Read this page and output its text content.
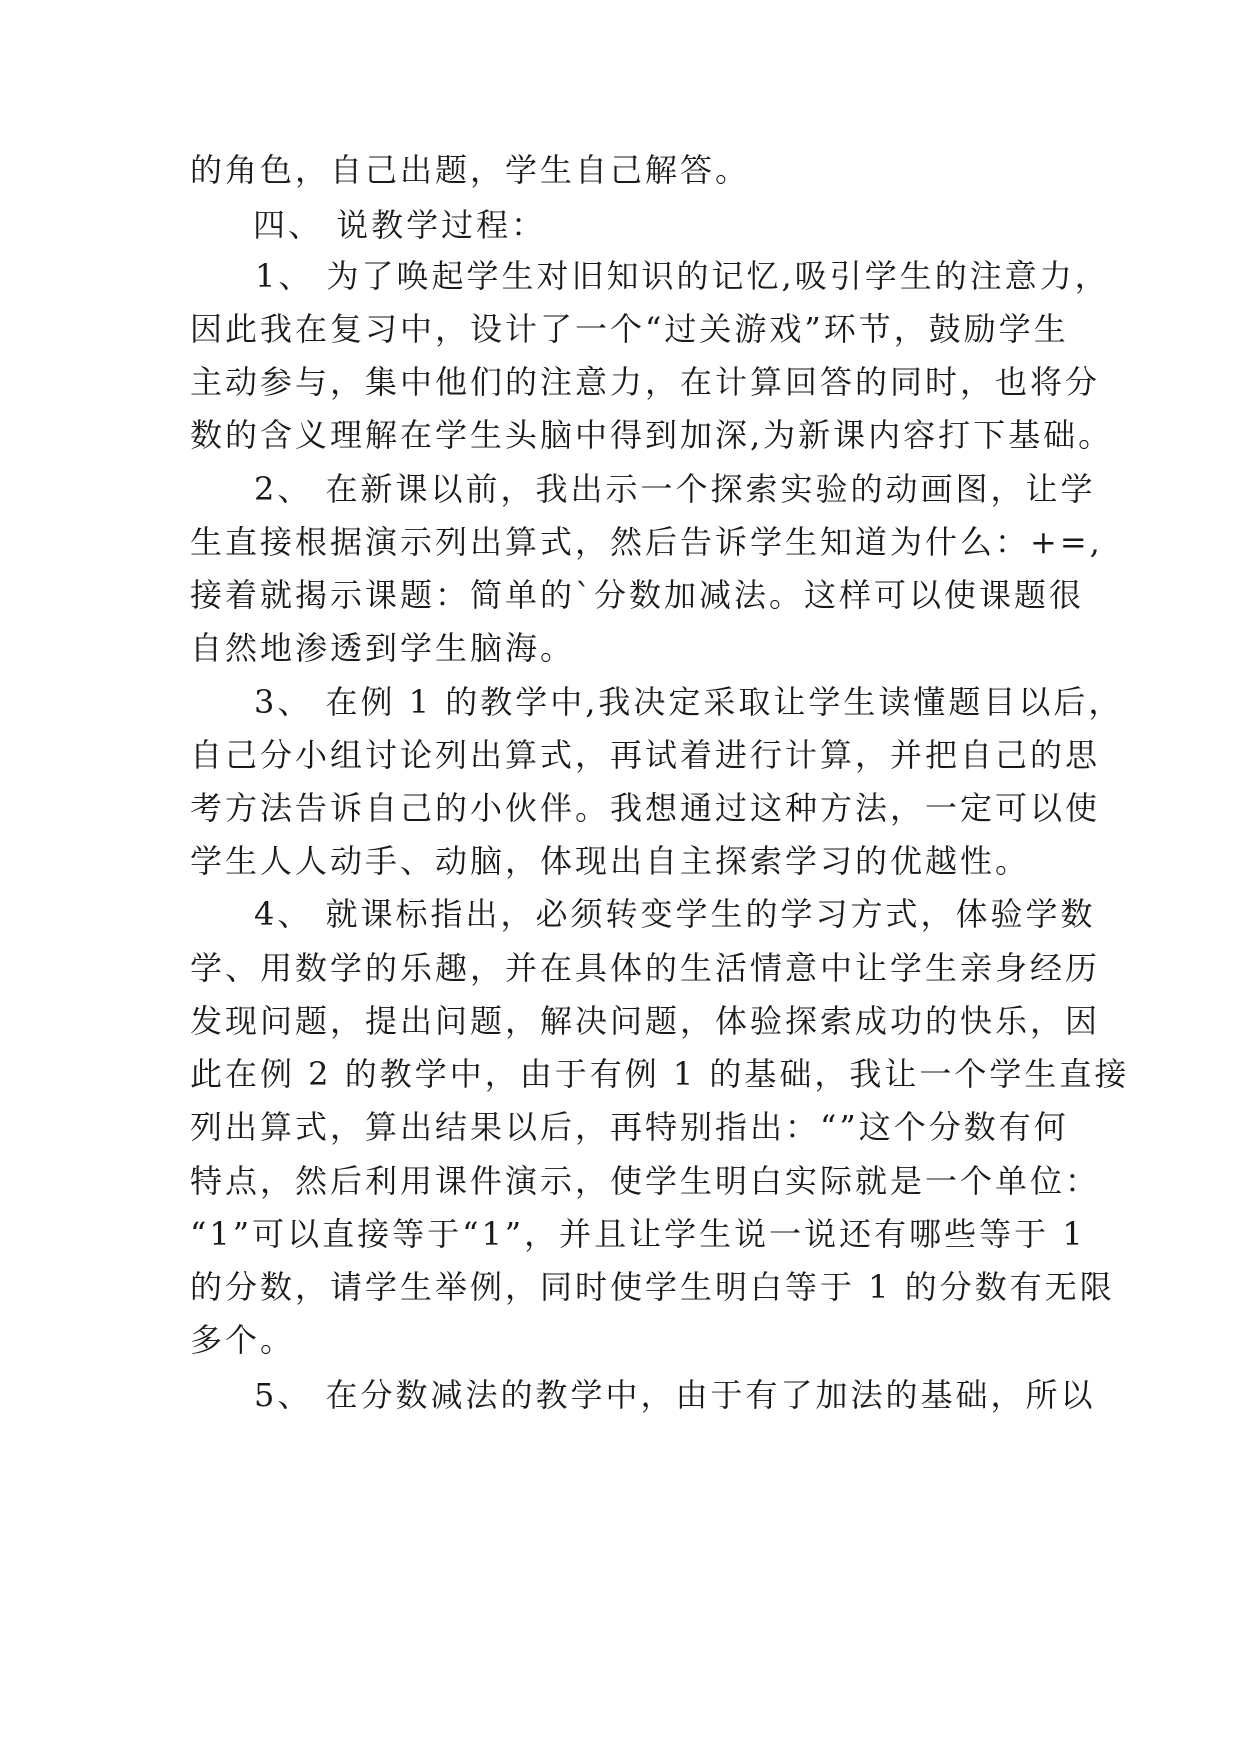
的角色，自己出题，学生自己解答。
四、 说教学过程：
1、 为了唤起学生对旧知识的记忆,吸引学生的注意力，
因此我在复习中，设计了一个“过关游戏”环节，鼓励学生
主动参与，集中他们的注意力，在计算回答的同时，也将分
数的含义理解在学生头脑中得到加深,为新课内容打下基础。
2、 在新课以前，我出示一个探索实验的动画图，让学
生直接根据演示列出算式，然后告诉学生知道为什么：+=,
接着就揭示课题：简单的`分数加减法。这样可以使课题很
自然地渗透到学生脑海。
3、 在例 1 的教学中,我决定采取让学生读懂题目以后，
自己分小组讨论列出算式，再试着进行计算，并把自己的思
考方法告诉自己的小伙伴。我想通过这种方法，一定可以使
学生人人动手、动脑，体现出自主探索学习的优越性。
4、 就课标指出，必须转变学生的学习方式，体验学数
学、用数学的乐趣，并在具体的生活情意中让学生亲身经历
发现问题，提出问题，解决问题，体验探索成功的快乐，因
此在例 2 的教学中，由于有例 1 的基础，我让一个学生直接
列出算式，算出结果以后，再特别指出：“”这个分数有何
特点，然后利用课件演示，使学生明白实际就是一个单位：
“1”可以直接等于“1”，并且让学生说一说还有哪些等于 1
的分数，请学生举例，同时使学生明白等于 1 的分数有无限
多个。
5、 在分数减法的教学中，由于有了加法的基础，所以
